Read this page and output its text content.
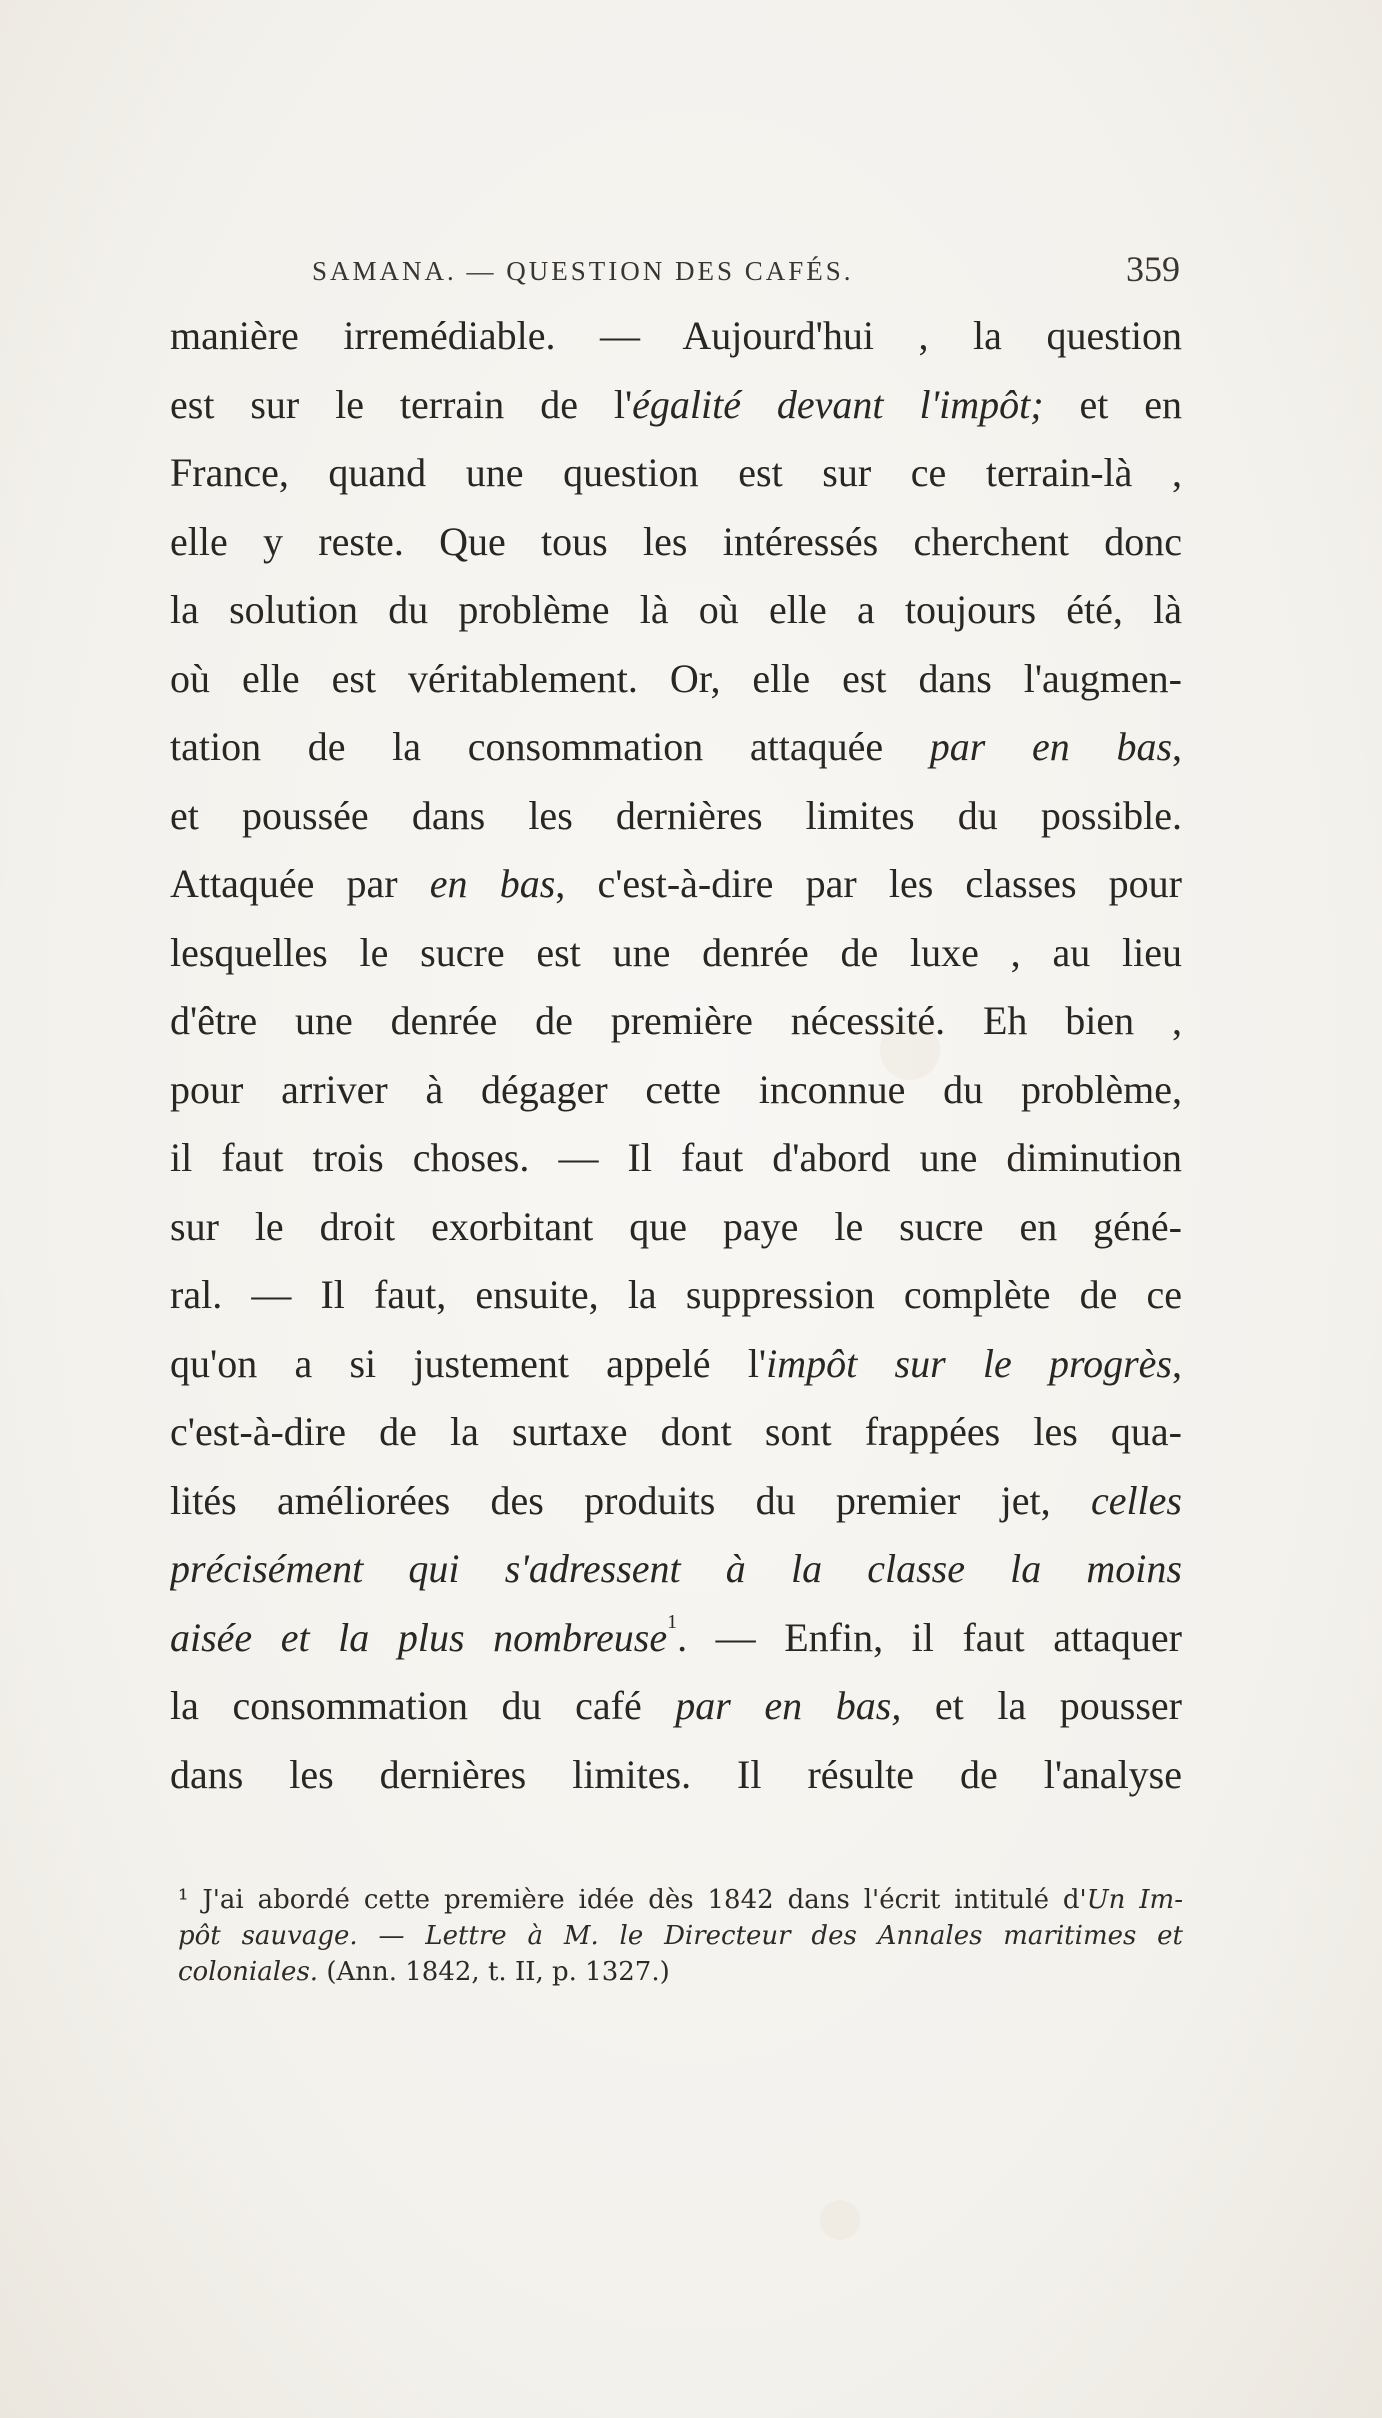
SAMANA. — QUESTION DES CAFÉS.	359
manière irremédiable. — Aujourd'hui , la question
est sur le terrain de l'égalité devant l'impôt; et en
France, quand une question est sur ce terrain-là ,
elle y reste. Que tous les intéressés cherchent donc
la solution du problème là où elle a toujours été, là
où elle est véritablement. Or, elle est dans l'augmen-
tation de la consommation attaquée par en bas,
et poussée dans les dernières limites du possible.
Attaquée par en bas, c'est-à-dire par les classes pour
lesquelles le sucre est une denrée de luxe , au lieu
d'être une denrée de première nécessité. Eh bien ,
pour arriver à dégager cette inconnue du problème,
il faut trois choses. — Il faut d'abord une diminution
sur le droit exorbitant que paye le sucre en géné-
ral. — Il faut, ensuite, la suppression complète de ce
qu'on a si justement appelé l'impôt sur le progrès,
c'est-à-dire de la surtaxe dont sont frappées les qua-
lités améliorées des produits du premier jet, celles
précisément qui s'adressent à la classe la moins
aisée et la plus nombreuse$^1$. — Enfin, il faut attaquer
la consommation du café par en bas, et la pousser
dans les dernières limites. Il résulte de l'analyse
¹ J'ai abordé cette première idée dès 1842 dans l'écrit intitulé d'Un Im-
pôt sauvage. — Lettre à M. le Directeur des Annales maritimes et
coloniales. (Ann. 1842, t. II, p. 1327.)
